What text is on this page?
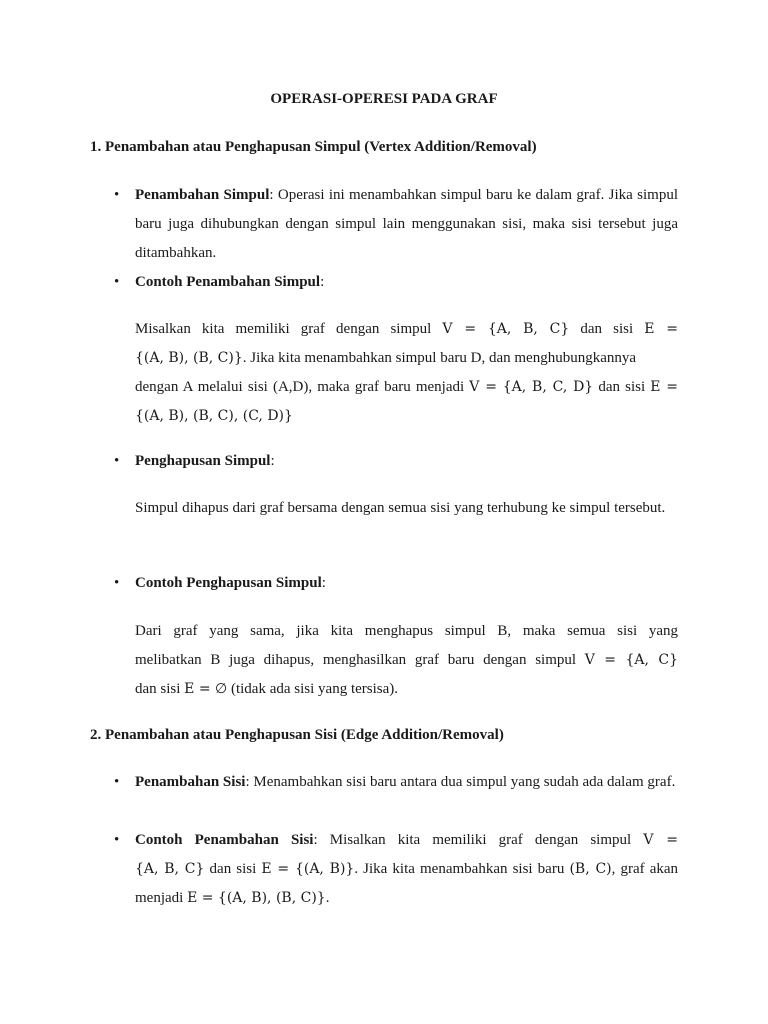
OPERASI-OPERESI PADA GRAF
1. Penambahan atau Penghapusan Simpul (Vertex Addition/Removal)
• Penambahan Simpul: Operasi ini menambahkan simpul baru ke dalam graf. Jika simpul baru juga dihubungkan dengan simpul lain menggunakan sisi, maka sisi tersebut juga ditambahkan.
• Contoh Penambahan Simpul:
Misalkan kita memiliki graf dengan simpul V = {A, B, C} dan sisi E =
{(A, B), (B, C)}. Jika kita menambahkan simpul baru D, dan menghubungkannya
dengan A melalui sisi (A,D), maka graf baru menjadi V = {A, B, C, D} dan sisi E =
{(A, B), (B, C), (C, D)}
• Penghapusan Simpul:
Simpul dihapus dari graf bersama dengan semua sisi yang terhubung ke simpul tersebut.
• Contoh Penghapusan Simpul:
Dari graf yang sama, jika kita menghapus simpul B, maka semua sisi yang
melibatkan B juga dihapus, menghasilkan graf baru dengan simpul V = {A, C}
dan sisi E = ∅ (tidak ada sisi yang tersisa).
2. Penambahan atau Penghapusan Sisi (Edge Addition/Removal)
• Penambahan Sisi: Menambahkan sisi baru antara dua simpul yang sudah ada dalam graf.
• Contoh Penambahan Sisi: Misalkan kita memiliki graf dengan simpul V =
{A, B, C} dan sisi E = {(A, B)}. Jika kita menambahkan sisi baru (B, C), graf akan
menjadi E = {(A, B), (B, C)}.
